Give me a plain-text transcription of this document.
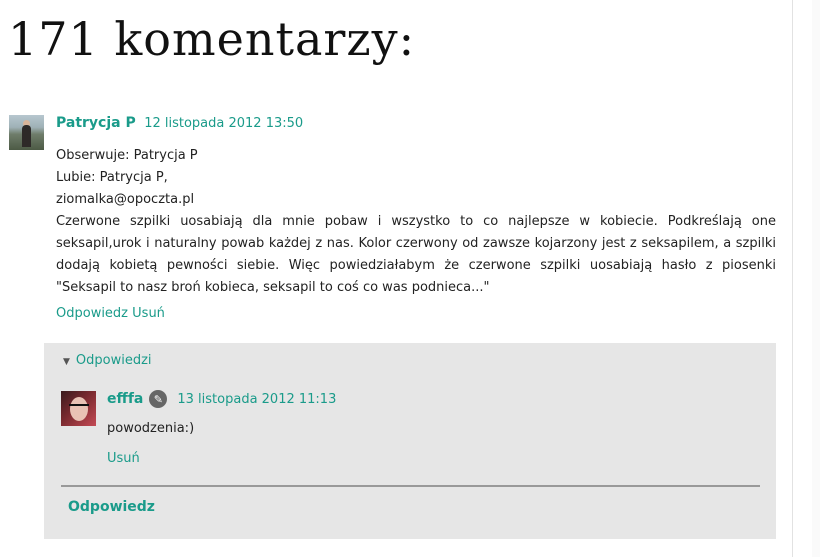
171 komentarzy:
Patrycja P 12 listopada 2012 13:50
Obserwuje: Patrycja P
Lubie: Patrycja P,
ziomalka@opoczta.pl
Czerwone szpilki uosabiają dla mnie pobaw i wszystko to co najlepsze w kobiecie. Podkreślają one seksapil,urok i naturalny powab każdej z nas. Kolor czerwony od zawsze kojarzony jest z seksapilem, a szpilki dodają kobietą pewności siebie. Więc powiedziałabym że czerwone szpilki uosabiają hasło z piosenki "Seksapil to nasz broń kobieca, seksapil to coś co was podnieca..."
Odpowiedz Usuń
▼ Odpowiedzi
efffa ✎	13 listopada 2012 11:13
powodzenia:)
Usuń
Odpowiedz
